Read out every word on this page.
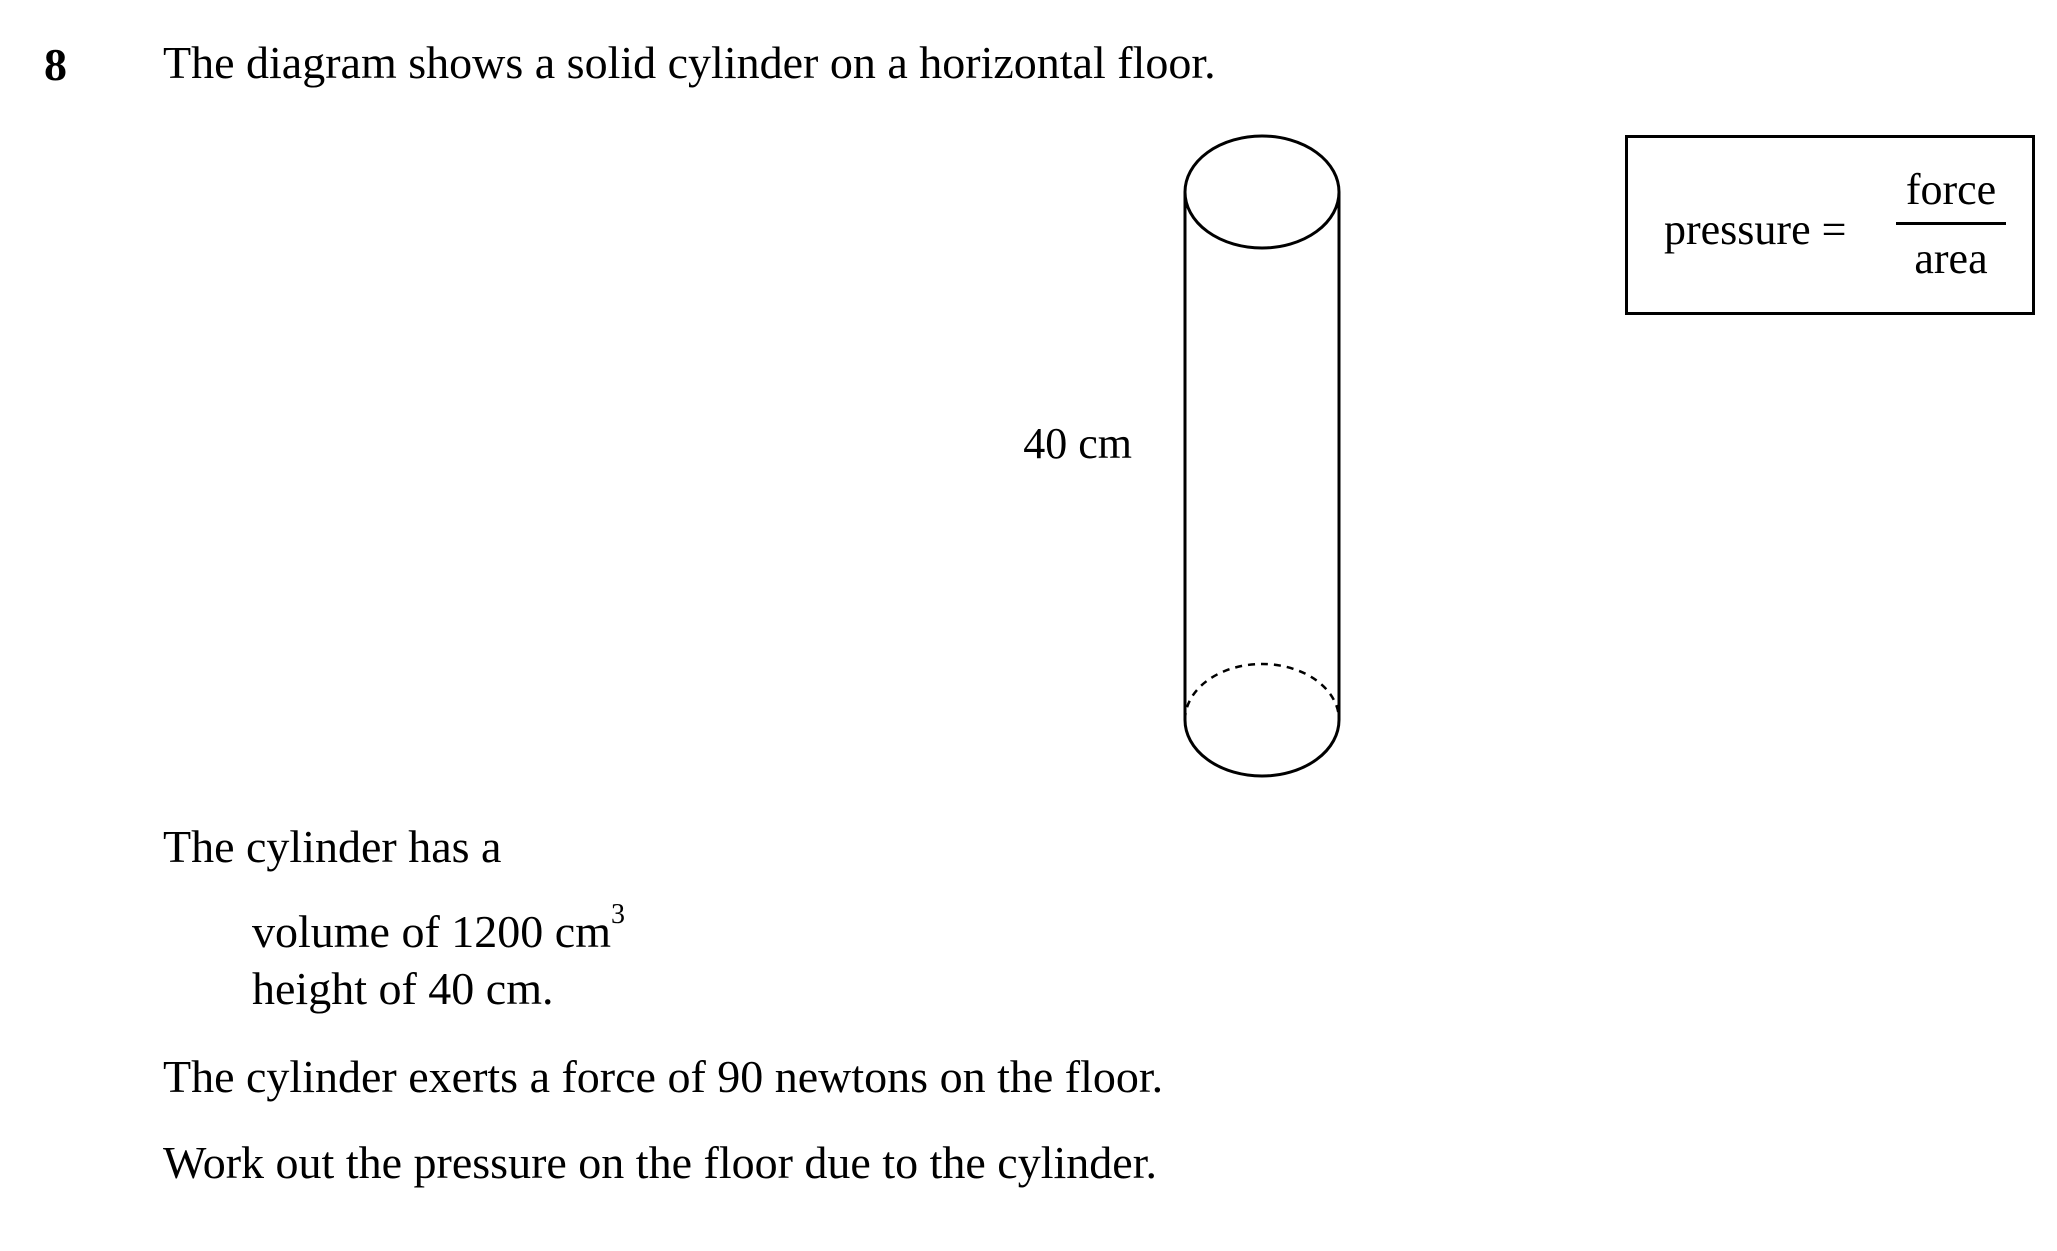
8 The diagram shows a solid cylinder on a horizontal floor.
40 cm
pressure =
force
area
The cylinder has a
volume of 1200 $cm^3$
height of 40 cm.
The cylinder exerts a force of 90 newtons on the floor.
Work out the pressure on the floor due to the cylinder.
